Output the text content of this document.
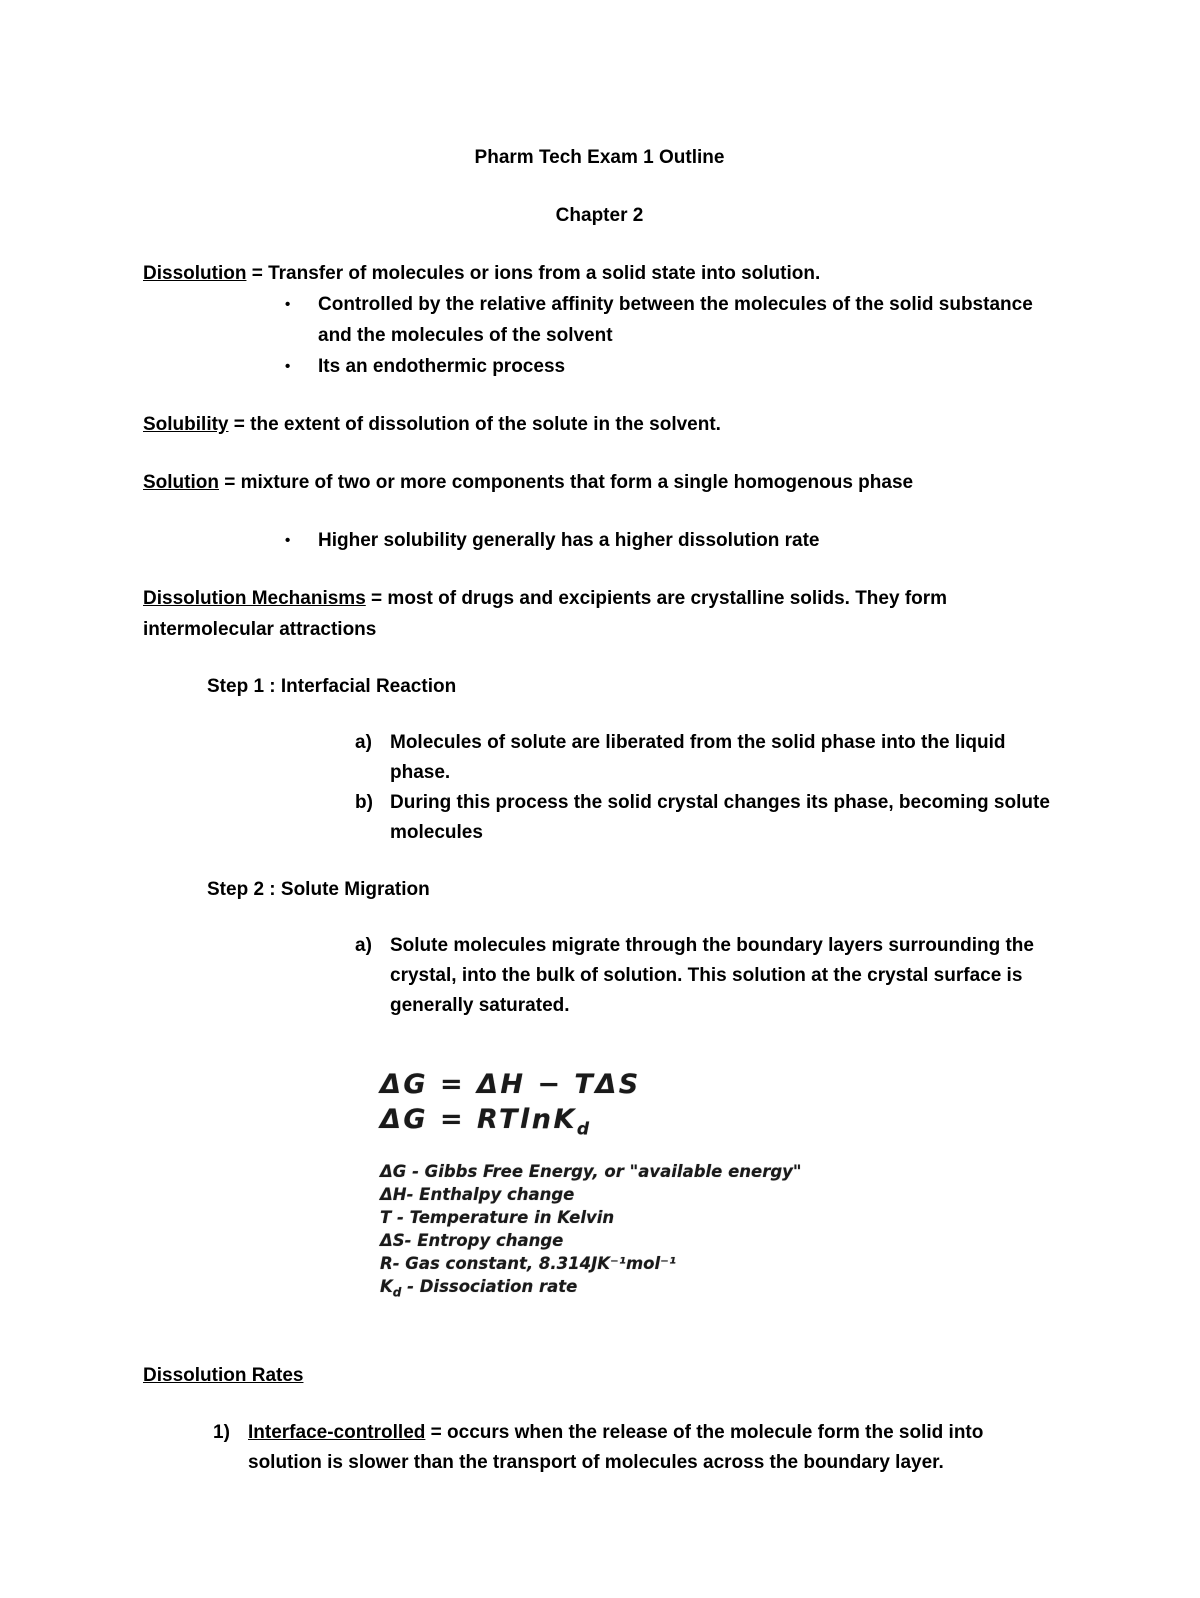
Pharm Tech Exam 1 Outline
Chapter 2

Dissolution = Transfer of molecules or ions from a solid state into solution.

•	Controlled by the relative affinity between the molecules of the solid substance and the molecules of the solvent
•	Its an endothermic process

Solubility = the extent of dissolution of the solute in the solvent.

Solution = mixture of two or more components that form a single homogenous phase

•	Higher solubility generally has a higher dissolution rate

Dissolution Mechanisms = most of drugs and excipients are crystalline solids. They form intermolecular attractions

Step 1 : Interfacial Reaction
a) Molecules of solute are liberated from the solid phase into the liquid phase.
b) During this process the solid crystal changes its phase, becoming solute molecules
Step 2 : Solute Migration
a) Solute molecules migrate through the boundary layers surrounding the crystal, into the bulk of solution. This solution at the crystal surface is generally saturated.
ΔG = ΔH − TΔS
ΔG = RTlnK$_d$
ΔG - Gibbs Free Energy, or "available energy"
ΔH- Enthalpy change
T - Temperature in Kelvin
ΔS- Entropy change
R- Gas constant, 8.314JK⁻¹mol⁻¹
$K_d$ - Dissociation rate
Dissolution Rates
1) Interface-controlled = occurs when the release of the molecule form the solid into solution is slower than the transport of molecules across the boundary layer.
